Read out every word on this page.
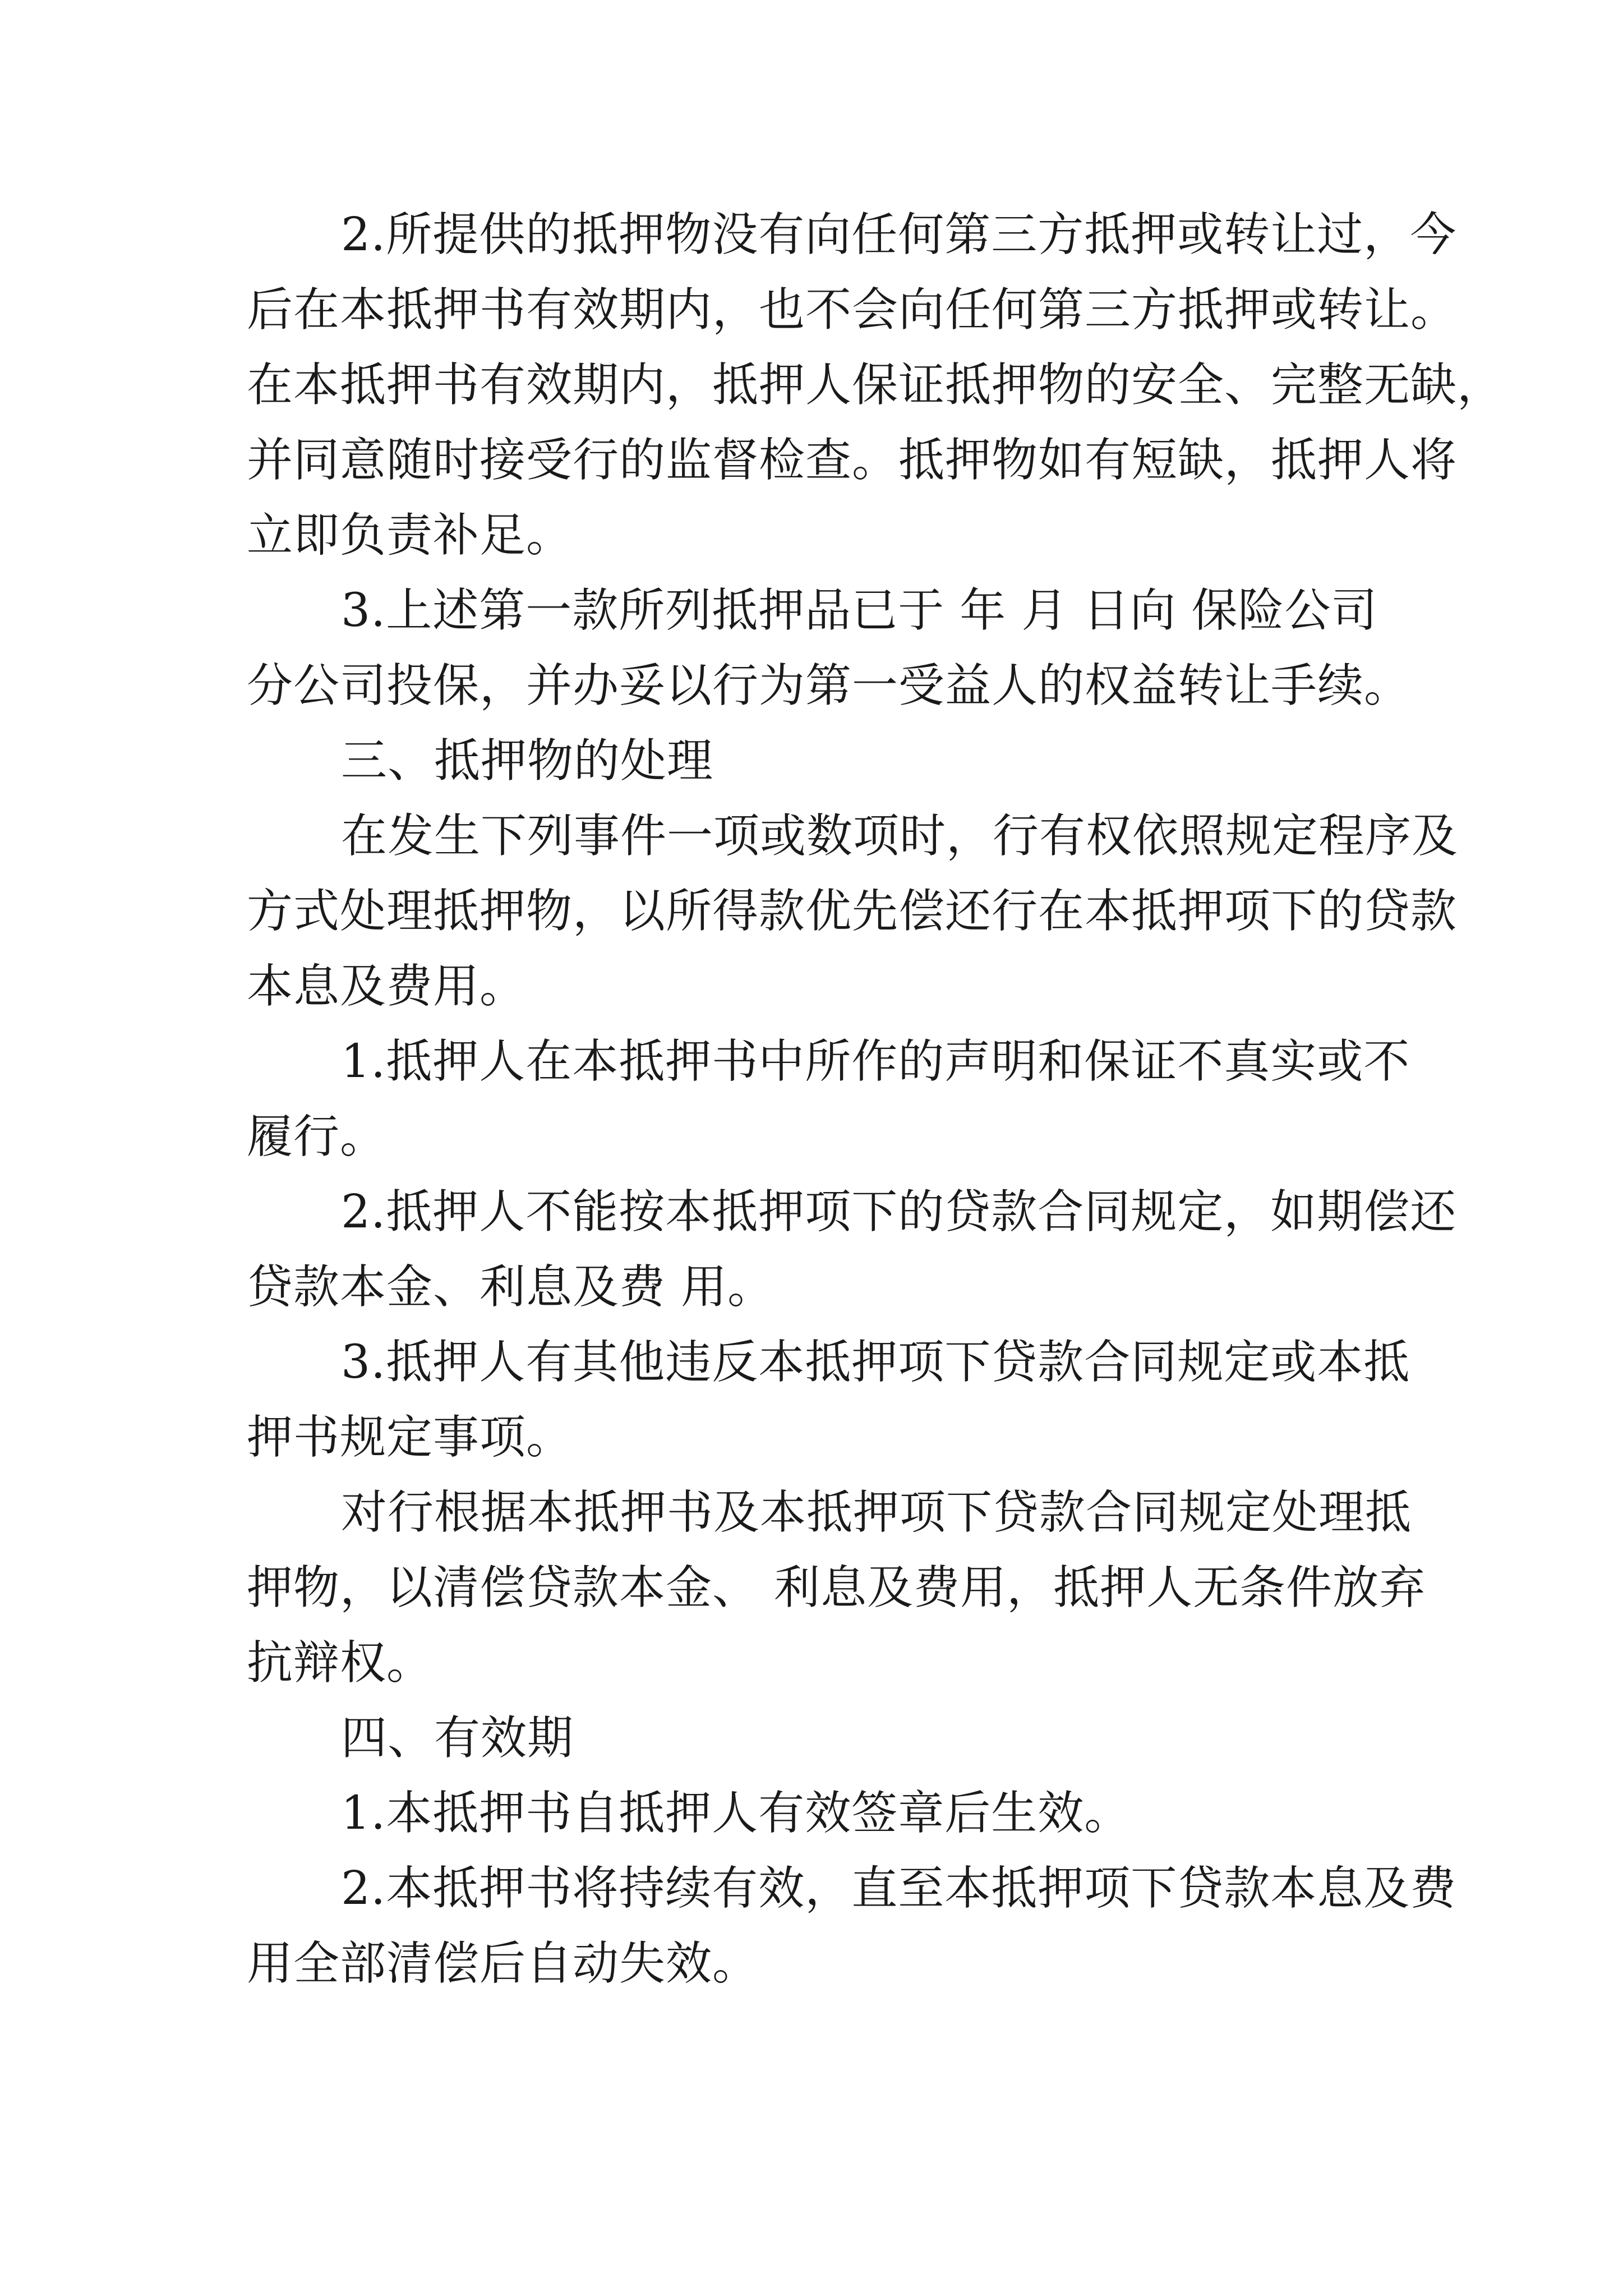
2.所提供的抵押物没有向任何第三方抵押或转让过，今
后在本抵押书有效期内，也不会向任何第三方抵押或转让。
在本抵押书有效期内，抵押人保证抵押物的安全、完整无缺，
并同意随时接受行的监督检查。抵押物如有短缺，抵押人将
立即负责补足。
3.上述第一款所列抵押品已于 年 月 日向 保险公司
分公司投保，并办妥以行为第一受益人的权益转让手续。
三、抵押物的处理
在发生下列事件一项或数项时，行有权依照规定程序及
方式处理抵押物，以所得款优先偿还行在本抵押项下的贷款
本息及费用。
1.抵押人在本抵押书中所作的声明和保证不真实或不
履行。
2.抵押人不能按本抵押项下的贷款合同规定，如期偿还
贷款本金、利息及费 用。
3.抵押人有其他违反本抵押项下贷款合同规定或本抵
押书规定事项。
对行根据本抵押书及本抵押项下贷款合同规定处理抵
押物，以清偿贷款本金、 利息及费用，抵押人无条件放弃
抗辩权。
四、有效期
1.本抵押书自抵押人有效签章后生效。
2.本抵押书将持续有效，直至本抵押项下贷款本息及费
用全部清偿后自动失效。
